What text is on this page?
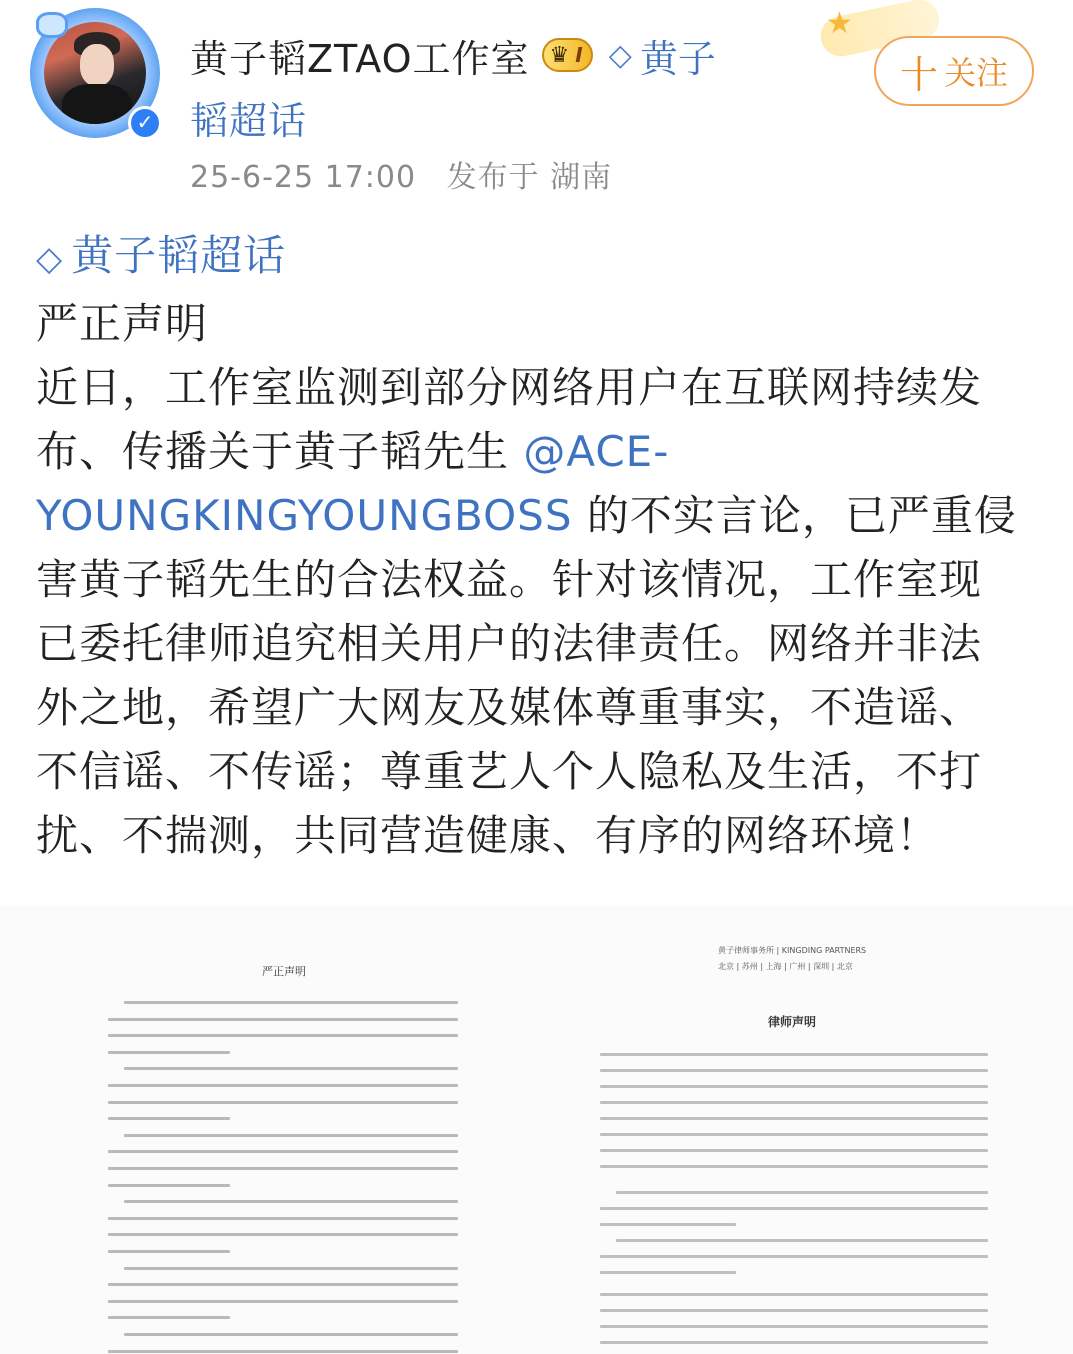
✓
黄子韬ZTAO工作室 ♛ I ◇ 黄子
韬超话
25-6-25 17:00 发布于 湖南
★
十 关注
◇ 黄子韬超话
严正声明
近日，工作室监测到部分网络用户在互联网持续发
布、传播关于黄子韬先生 @ACE-
YOUNGKINGYOUNGBOSS 的不实言论，已严重侵
害黄子韬先生的合法权益。针对该情况，工作室现
已委托律师追究相关用户的法律责任。网络并非法
外之地，希望广大网友及媒体尊重事实，不造谣、
不信谣、不传谣；尊重艺人个人隐私及生活，不打
扰、不揣测，共同营造健康、有序的网络环境！
严正声明
黄子律师事务所 | KINGDING PARTNERS
北京 | 苏州 | 上海 | 广州 | 深圳 | 北京
律师声明
